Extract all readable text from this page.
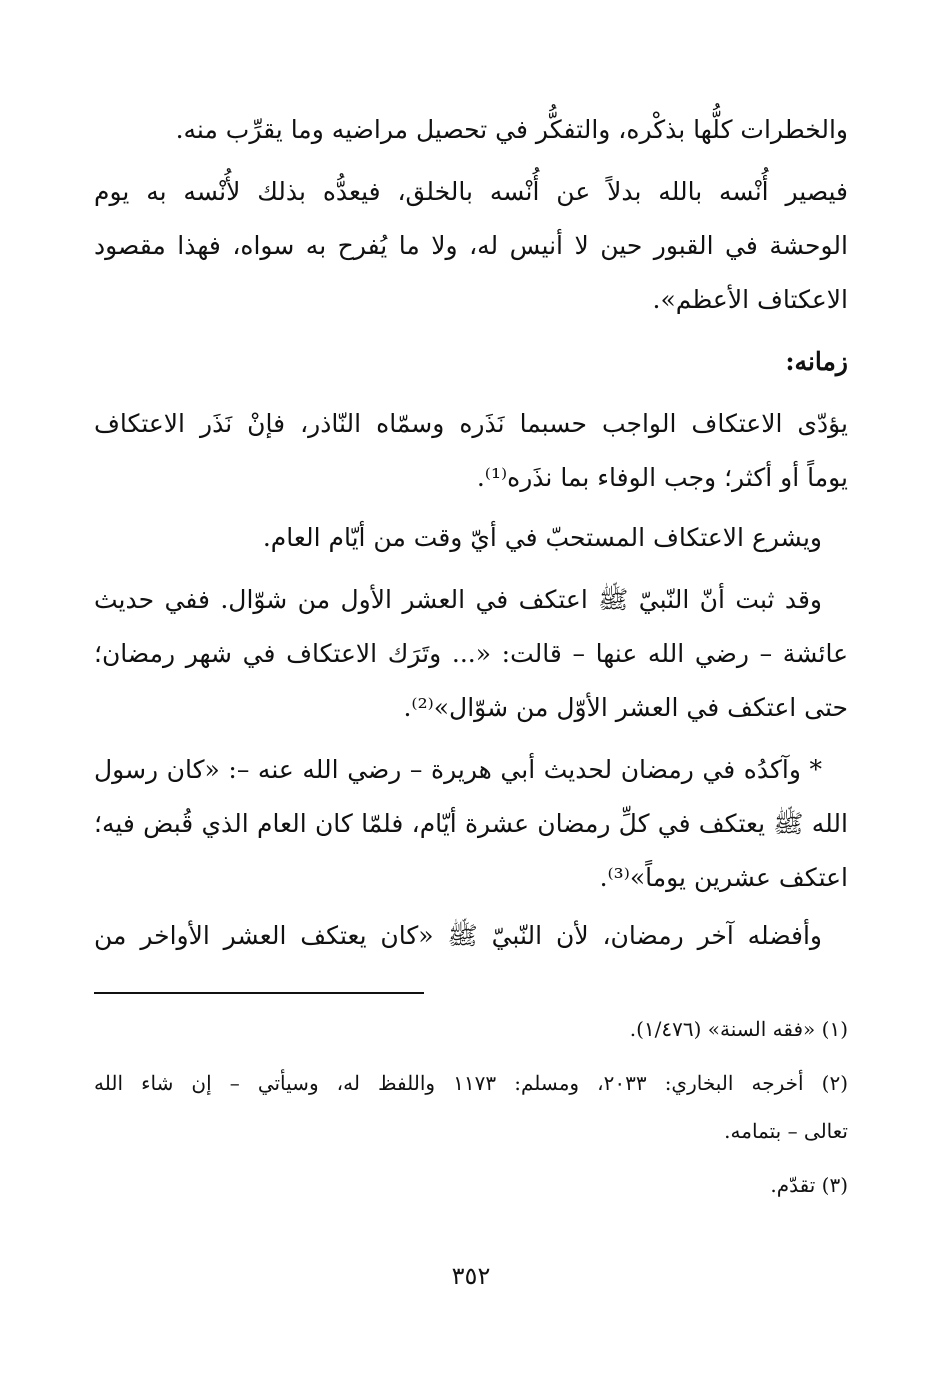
والخطرات كلُّها بذكْره، والتفكُّر في تحصيل مراضيه وما يقرِّب منه.
فيصير أُنْسه بالله بدلاً عن أُنْسه بالخلق، فيعدُّه بذلك لأُنْسه به يوم
الوحشة في القبور حين لا أنيس له، ولا ما يُفرح به سواه، فهذا مقصود
الاعكتاف الأعظم».
زمانه:
يؤدّى الاعتكاف الواجب حسبما نَذَره وسمّاه النّاذر، فإنْ نَذَر الاعتكاف
يوماً أو أكثر؛ وجب الوفاء بما نذَره⁽¹⁾.
ويشرع الاعتكاف المستحبّ في أيّ وقت من أيّام العام.
وقد ثبت أنّ النّبيّ ﷺ اعتكف في العشر الأول من شوّال. ففي حديث
عائشة – رضي الله عنها – قالت: «... وتَرَك الاعتكاف في شهر رمضان؛
حتى اعتكف في العشر الأوّل من شوّال»⁽²⁾.
* وآكدُه في رمضان لحديث أبي هريرة – رضي الله عنه –: «كان رسول
الله ﷺ يعتكف في كلِّ رمضان عشرة أيّام، فلمّا كان العام الذي قُبض فيه؛
اعتكف عشرين يوماً»⁽³⁾.
وأفضله آخر رمضان، لأن النّبيّ ﷺ «كان يعتكف العشر الأواخر من
(١) «فقه السنة» (١/٤٧٦).
(٢) أخرجه البخاري: ٢٠٣٣، ومسلم: ١١٧٣ واللفظ له، وسيأتي – إن شاء الله
تعالى – بتمامه.
(٣) تقدّم.
٣٥٢
